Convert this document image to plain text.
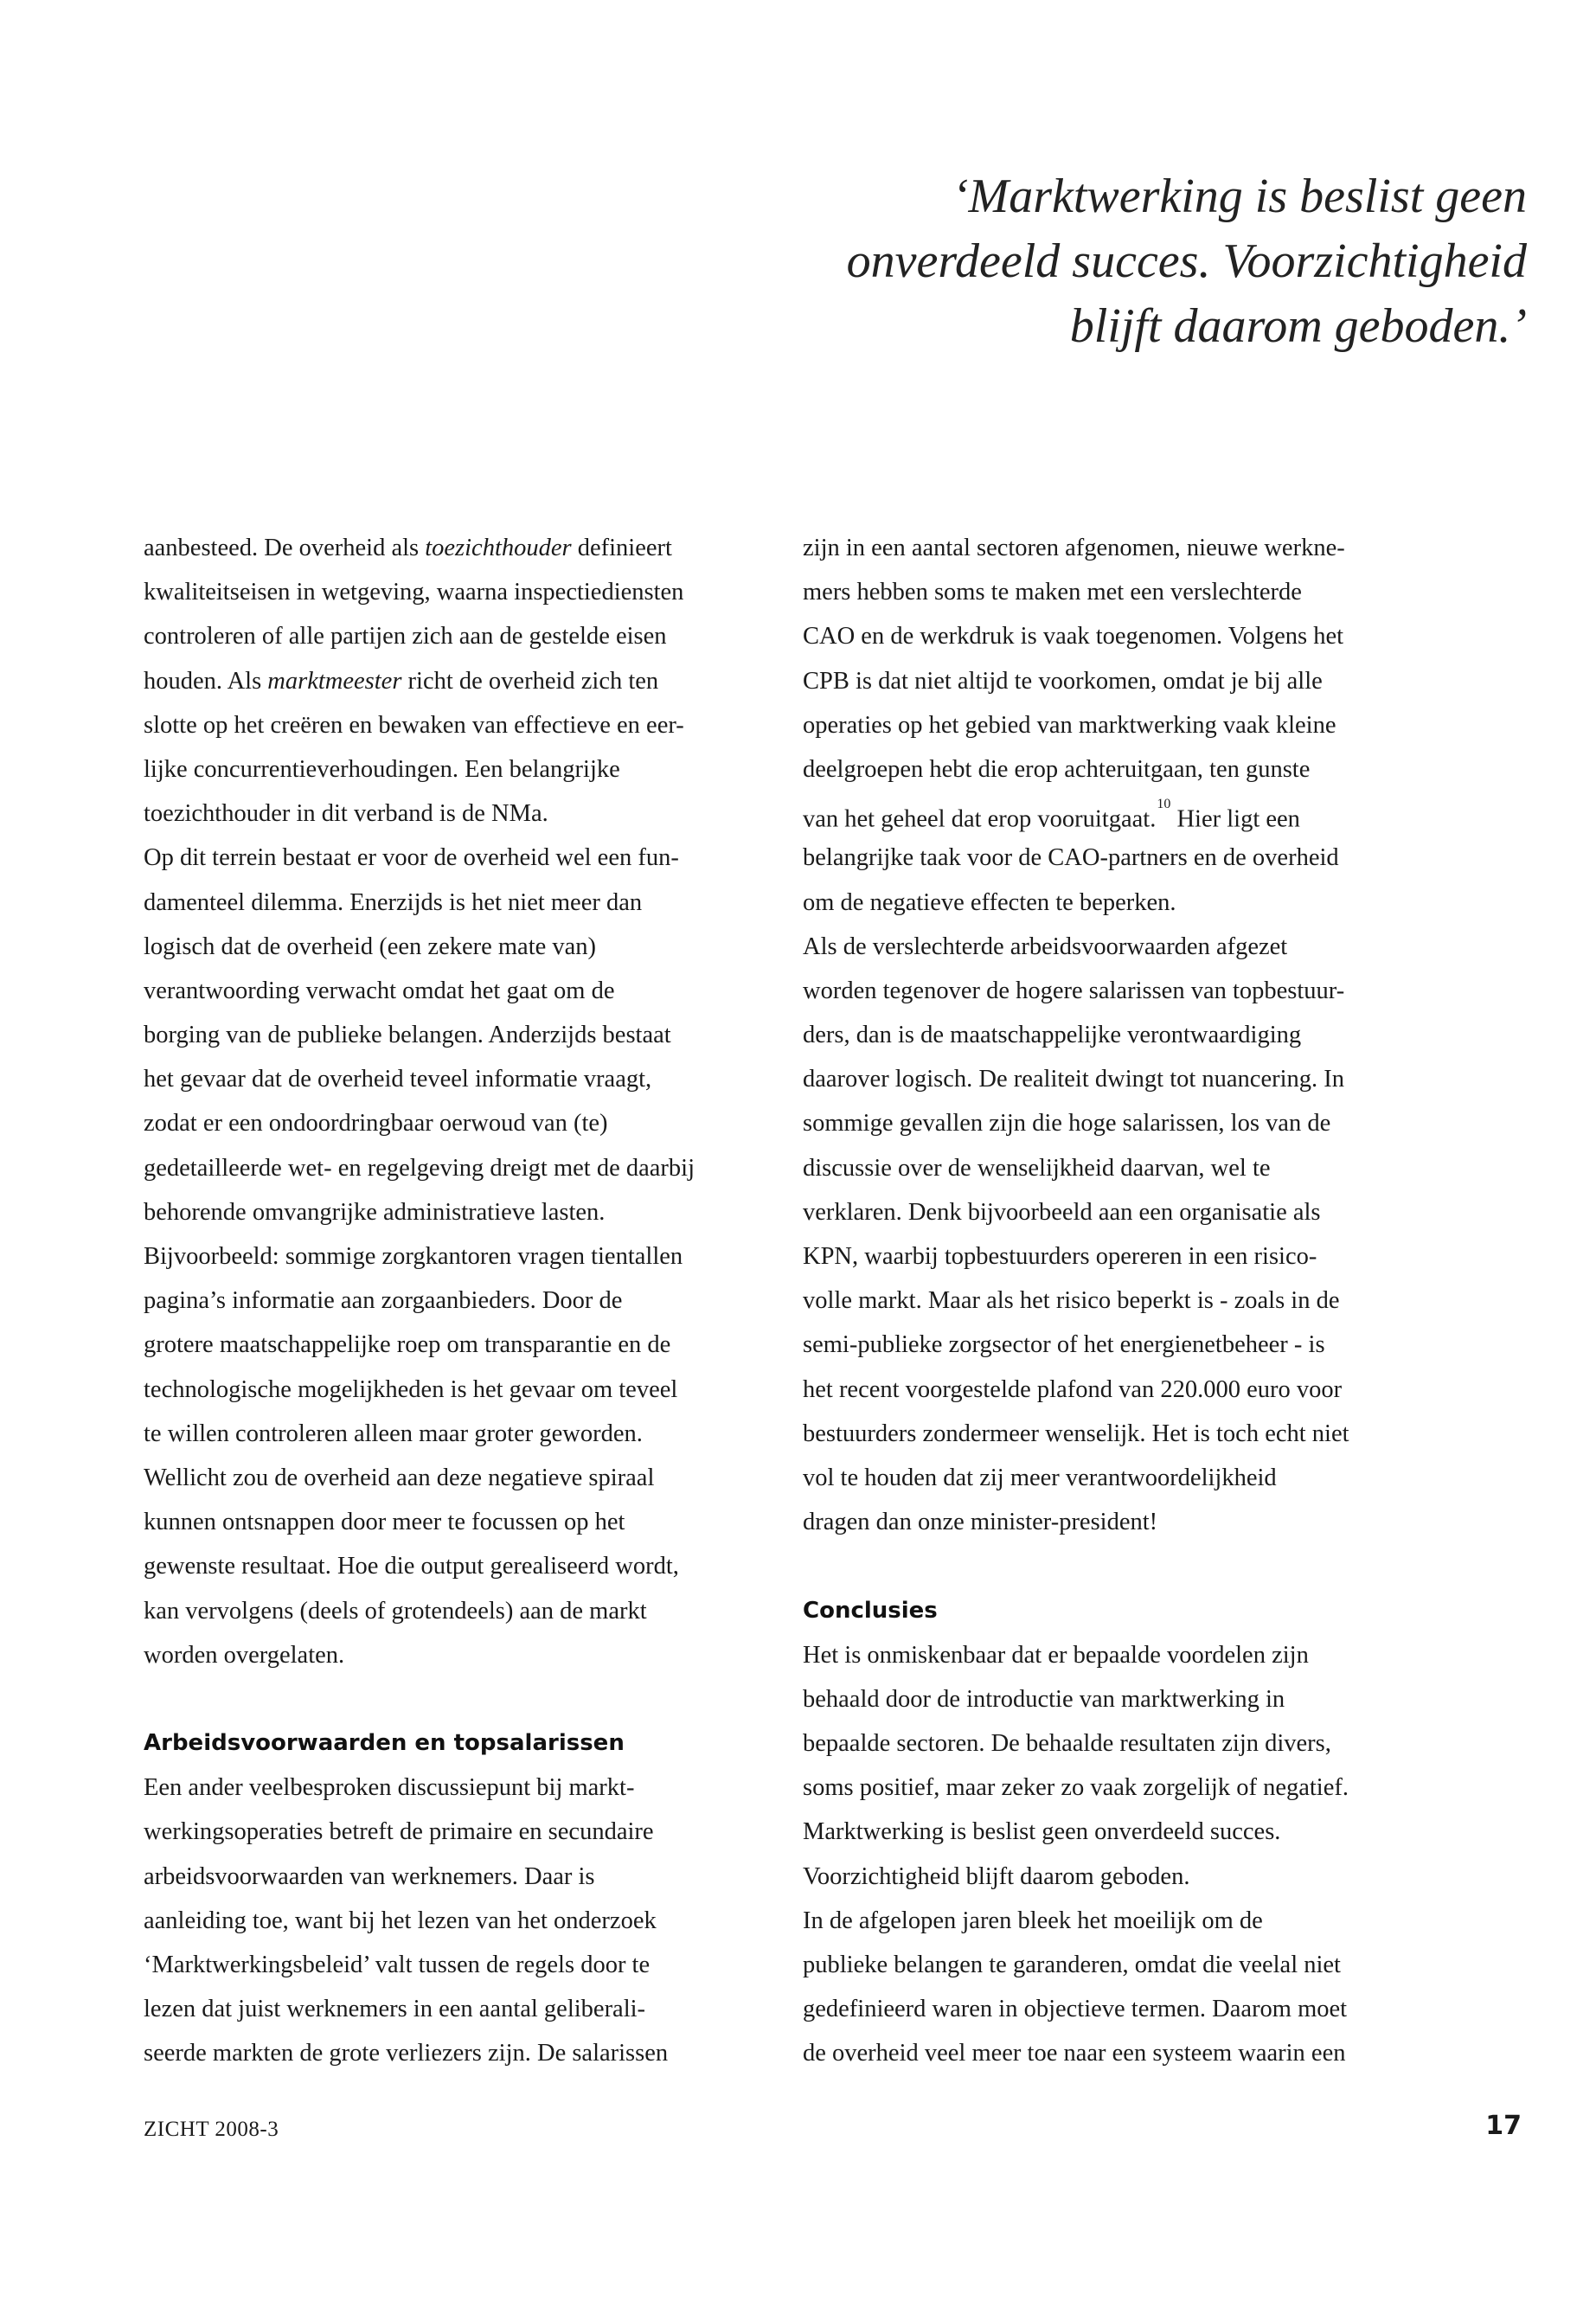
‘Marktwerking is beslist geen
onverdeeld succes. Voorzichtigheid
blijft daarom geboden.’
aanbesteed. De overheid als toezichthouder definieert
kwaliteitseisen in wetgeving, waarna inspectiediensten
controleren of alle partijen zich aan de gestelde eisen
houden. Als marktmeester richt de overheid zich ten
slotte op het creëren en bewaken van effectieve en eer-
lijke concurrentieverhoudingen. Een belangrijke
toezichthouder in dit verband is de NMa.
Op dit terrein bestaat er voor de overheid wel een fun-
damenteel dilemma. Enerzijds is het niet meer dan
logisch dat de overheid (een zekere mate van)
verantwoording verwacht omdat het gaat om de
borging van de publieke belangen. Anderzijds bestaat
het gevaar dat de overheid teveel informatie vraagt,
zodat er een ondoordringbaar oerwoud van (te)
gedetailleerde wet- en regelgeving dreigt met de daarbij
behorende omvangrijke administratieve lasten.
Bijvoorbeeld: sommige zorgkantoren vragen tientallen
pagina’s informatie aan zorgaanbieders. Door de
grotere maatschappelijke roep om transparantie en de
technologische mogelijkheden is het gevaar om teveel
te willen controleren alleen maar groter geworden.
Wellicht zou de overheid aan deze negatieve spiraal
kunnen ontsnappen door meer te focussen op het
gewenste resultaat. Hoe die output gerealiseerd wordt,
kan vervolgens (deels of grotendeels) aan de markt
worden overgelaten.
Arbeidsvoorwaarden en topsalarissen
Een ander veelbesproken discussiepunt bij markt-
werkingsoperaties betreft de primaire en secundaire
arbeidsvoorwaarden van werknemers. Daar is
aanleiding toe, want bij het lezen van het onderzoek
‘Marktwerkingsbeleid’ valt tussen de regels door te
lezen dat juist werknemers in een aantal geliberali-
seerde markten de grote verliezers zijn. De salarissen
zijn in een aantal sectoren afgenomen, nieuwe werkne-
mers hebben soms te maken met een verslechterde
CAO en de werkdruk is vaak toegenomen. Volgens het
CPB is dat niet altijd te voorkomen, omdat je bij alle
operaties op het gebied van marktwerking vaak kleine
deelgroepen hebt die erop achteruitgaan, ten gunste
van het geheel dat erop vooruitgaat.$^{10}$ Hier ligt een
belangrijke taak voor de CAO-partners en de overheid
om de negatieve effecten te beperken.
Als de verslechterde arbeidsvoorwaarden afgezet
worden tegenover de hogere salarissen van topbestuur-
ders, dan is de maatschappelijke verontwaardiging
daarover logisch. De realiteit dwingt tot nuancering. In
sommige gevallen zijn die hoge salarissen, los van de
discussie over de wenselijkheid daarvan, wel te
verklaren. Denk bijvoorbeeld aan een organisatie als
KPN, waarbij topbestuurders opereren in een risico-
volle markt. Maar als het risico beperkt is - zoals in de
semi-publieke zorgsector of het energienetbeheer - is
het recent voorgestelde plafond van 220.000 euro voor
bestuurders zondermeer wenselijk. Het is toch echt niet
vol te houden dat zij meer verantwoordelijkheid
dragen dan onze minister-president!
Conclusies
Het is onmiskenbaar dat er bepaalde voordelen zijn
behaald door de introductie van marktwerking in
bepaalde sectoren. De behaalde resultaten zijn divers,
soms positief, maar zeker zo vaak zorgelijk of negatief.
Marktwerking is beslist geen onverdeeld succes.
Voorzichtigheid blijft daarom geboden.
In de afgelopen jaren bleek het moeilijk om de
publieke belangen te garanderen, omdat die veelal niet
gedefinieerd waren in objectieve termen. Daarom moet
de overheid veel meer toe naar een systeem waarin een
ZICHT 2008-3	17
